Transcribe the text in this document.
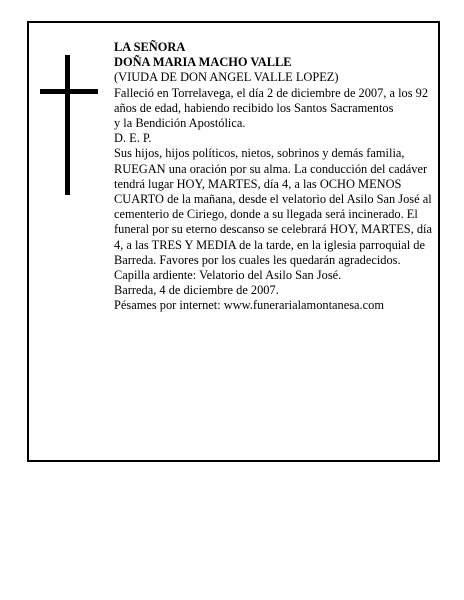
LA SEÑORA

DOÑA MARIA MACHO VALLE

(VIUDA DE DON ANGEL VALLE LOPEZ)

Falleció en Torrelavega, el día 2 de diciembre de 2007, a los 92 años de edad, habiendo recibido los Santos Sacramentos

y la Bendición Apostólica.

D. E. P.

Sus hijos, hijos políticos, nietos, sobrinos y demás familia,

RUEGAN una oración por su alma. La conducción del cadáver tendrá lugar HOY, MARTES, día 4, a las OCHO MENOS CUARTO de la mañana, desde el velatorio del Asilo San José al cementerio de Ciriego, donde a su llegada será incinerado. El funeral por su eterno descanso se celebrará HOY, MARTES, día 4, a las TRES Y MEDIA de la tarde, en la iglesia parroquial de Barreda. Favores por los cuales les quedarán agradecidos. Capilla ardiente: Velatorio del Asilo San José.

Barreda, 4 de diciembre de 2007.

Pésames por internet: www.funerarialamontanesa.com
